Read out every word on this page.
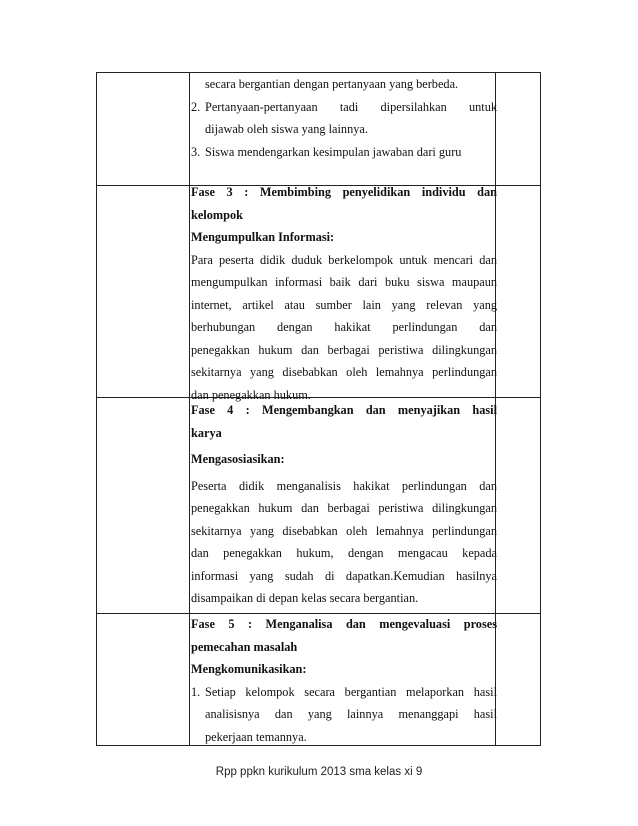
secara bergantian dengan pertanyaan yang berbeda.
2. Pertanyaan-pertanyaan tadi dipersilahkan untuk
dijawab oleh siswa yang lainnya.
3. Siswa mendengarkan kesimpulan jawaban dari guru
Fase 3 : Membimbing penyelidikan individu dan
kelompok
Mengumpulkan Informasi:
Para peserta didik duduk berkelompok untuk mencari dan
mengumpulkan informasi baik dari buku siswa maupaun
internet, artikel atau sumber lain yang relevan yang
berhubungan dengan hakikat perlindungan dan
penegakkan hukum dan berbagai peristiwa dilingkungan
sekitarnya yang disebabkan oleh lemahnya perlindungan
dan penegakkan hukum.
Fase 4 : Mengembangkan dan menyajikan hasil
karya
Mengasosiasikan:
Peserta didik menganalisis hakikat perlindungan dan
penegakkan hukum dan berbagai peristiwa dilingkungan
sekitarnya yang disebabkan oleh lemahnya perlindungan
dan penegakkan hukum, dengan mengacau kepada
informasi yang sudah di dapatkan.Kemudian hasilnya
disampaikan di depan kelas secara bergantian.
Fase 5 : Menganalisa dan mengevaluasi proses
pemecahan masalah
Mengkomunikasikan:
1. Setiap kelompok secara bergantian melaporkan hasil
analisisnya dan yang lainnya menanggapi hasil
pekerjaan temannya.
Rpp ppkn kurikulum 2013 sma kelas xi 9
